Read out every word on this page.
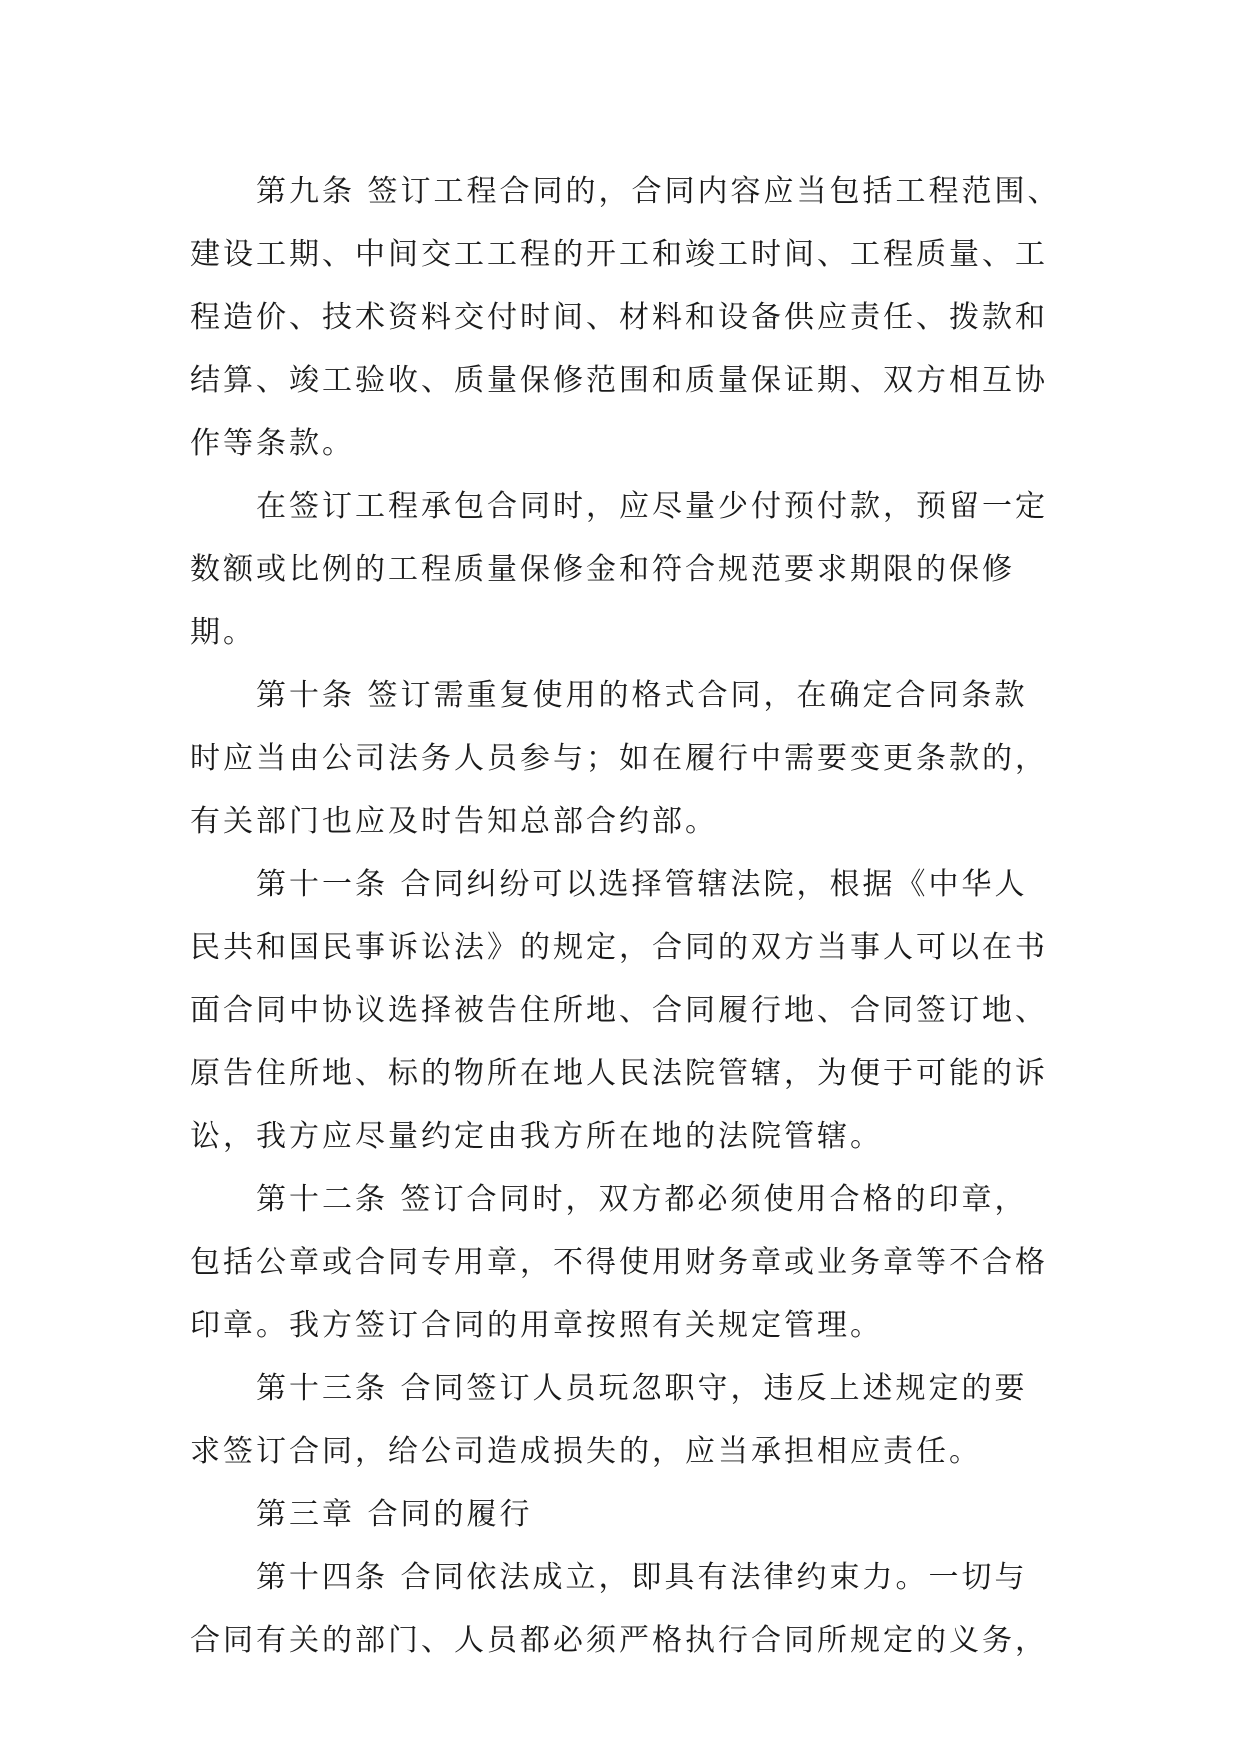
第九条 签订工程合同的，合同内容应当包括工程范围、
建设工期、中间交工工程的开工和竣工时间、工程质量、工
程造价、技术资料交付时间、材料和设备供应责任、拨款和
结算、竣工验收、质量保修范围和质量保证期、双方相互协
作等条款。
在签订工程承包合同时，应尽量少付预付款，预留一定
数额或比例的工程质量保修金和符合规范要求期限的保修
期。
第十条 签订需重复使用的格式合同，在确定合同条款
时应当由公司法务人员参与；如在履行中需要变更条款的，
有关部门也应及时告知总部合约部。
第十一条 合同纠纷可以选择管辖法院，根据《中华人
民共和国民事诉讼法》的规定，合同的双方当事人可以在书
面合同中协议选择被告住所地、合同履行地、合同签订地、
原告住所地、标的物所在地人民法院管辖，为便于可能的诉
讼，我方应尽量约定由我方所在地的法院管辖。
第十二条 签订合同时，双方都必须使用合格的印章，
包括公章或合同专用章，不得使用财务章或业务章等不合格
印章。我方签订合同的用章按照有关规定管理。
第十三条 合同签订人员玩忽职守，违反上述规定的要
求签订合同，给公司造成损失的，应当承担相应责任。
第三章 合同的履行
第十四条 合同依法成立，即具有法律约束力。一切与
合同有关的部门、人员都必须严格执行合同所规定的义务，
